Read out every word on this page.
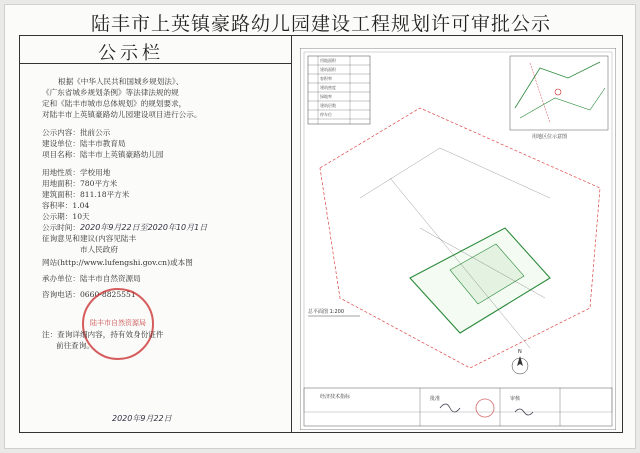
陆丰市上英镇豪路幼儿园建设工程规划许可审批公示
公示栏
根据《中华人民共和国城乡规划法》、
《广东省城乡规划条例》等法律法规的规
定和《陆丰市城市总体规划》的规划要求，
对陆丰市上英镇豪路幼儿园建设项目进行公示。
公示内容：批前公示
建设单位：陆丰市教育局
项目名称：陆丰市上英镇豪路幼儿园
用地性质：学校用地
用地面积：780平方米
建筑面积：811.18平方米
容积率：1.04
公示期：10天
公示时间：2020年9月22日至2020年10月1日
征询意见和建议(内容见陆丰
市人民政府
网站(http://www.lufengshi.gov.cn)或本图
承办单位：陆丰市自然资源局
咨询电话：0660-8825551
陆丰市自然资源局
注：查询详细内容，持有效身份证件
前往查询。
2020年9月22日
用地面积
建筑面积
容积率
建筑密度
绿地率
建筑层数
停车位
用地区位示意图
总平面图 1:200
N
经济技术指标	批准	审核
